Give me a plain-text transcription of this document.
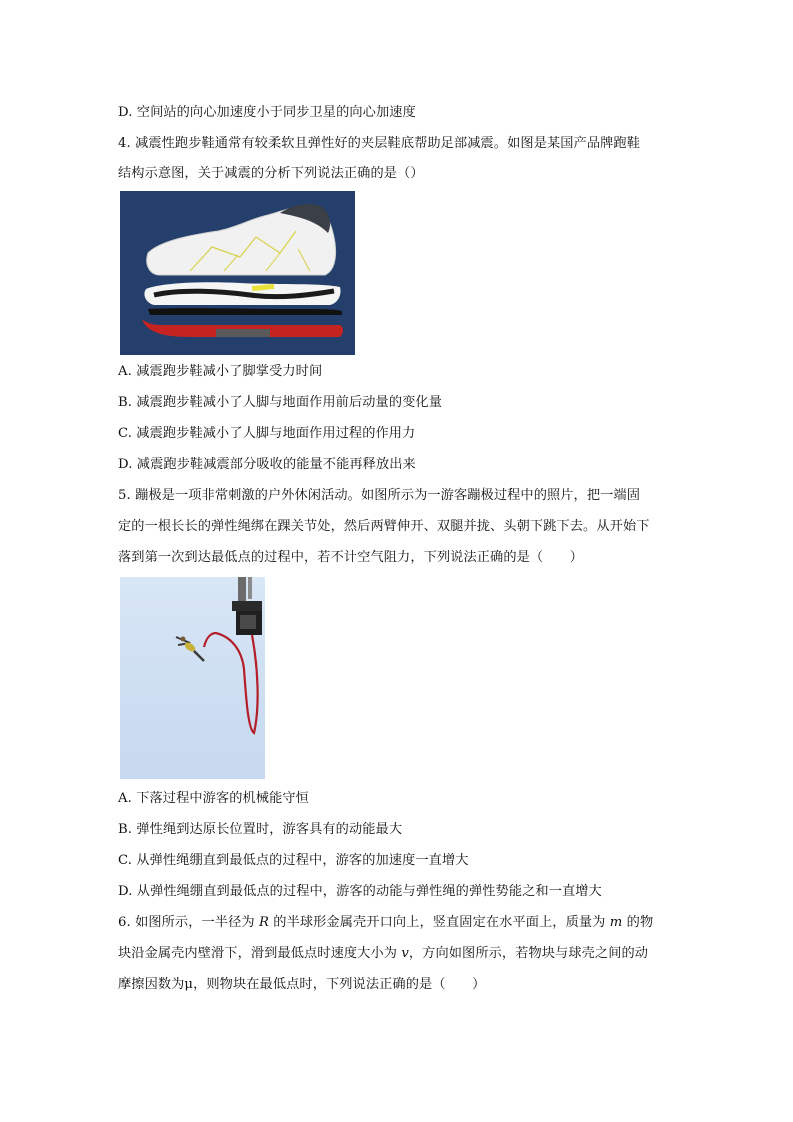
D. 空间站的向心加速度小于同步卫星的向心加速度
4. 减震性跑步鞋通常有较柔软且弹性好的夹层鞋底帮助足部减震。如图是某国产品牌跑鞋
结构示意图，关于减震的分析下列说法正确的是（）
A. 减震跑步鞋减小了脚掌受力时间
B. 减震跑步鞋减小了人脚与地面作用前后动量的变化量
C. 减震跑步鞋减小了人脚与地面作用过程的作用力
D. 减震跑步鞋减震部分吸收的能量不能再释放出来
5. 蹦极是一项非常刺激的户外休闲活动。如图所示为一游客蹦极过程中的照片，把一端固
定的一根长长的弹性绳绑在踝关节处，然后两臂伸开、双腿并拢、头朝下跳下去。从开始下
落到第一次到达最低点的过程中，若不计空气阻力，下列说法正确的是（　　）
A. 下落过程中游客的机械能守恒
B. 弹性绳到达原长位置时，游客具有的动能最大
C. 从弹性绳绷直到最低点的过程中，游客的加速度一直增大
D. 从弹性绳绷直到最低点的过程中，游客的动能与弹性绳的弹性势能之和一直增大
6. 如图所示，一半径为 R 的半球形金属壳开口向上，竖直固定在水平面上，质量为 m 的物
块沿金属壳内壁滑下，滑到最低点时速度大小为 v，方向如图所示，若物块与球壳之间的动
摩擦因数为μ，则物块在最低点时，下列说法正确的是（　　）
